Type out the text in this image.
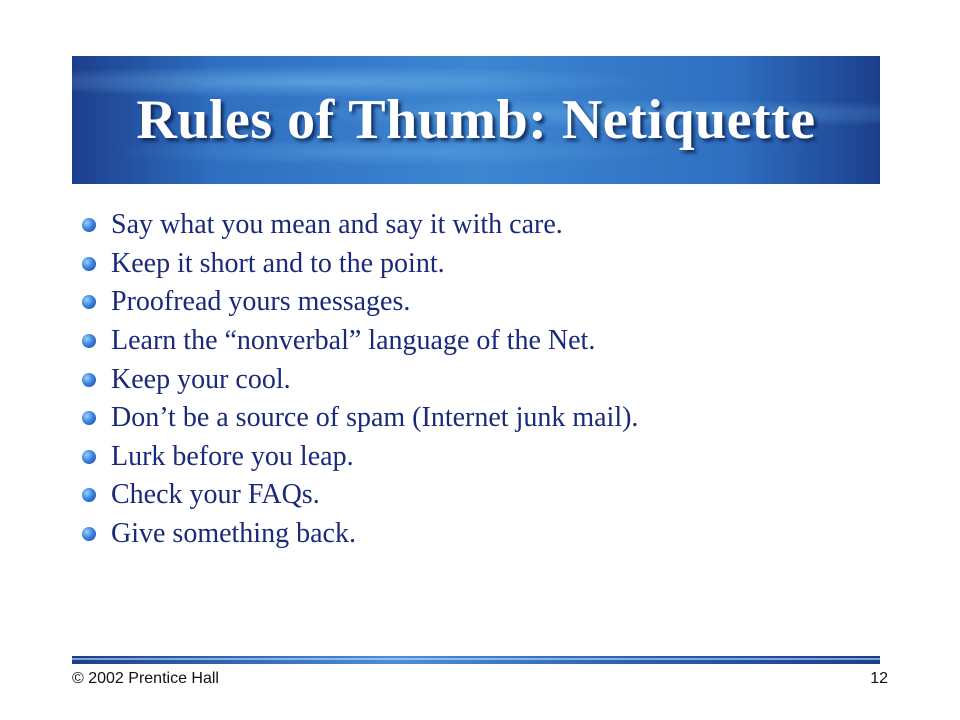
Rules of Thumb: Netiquette
Say what you mean and say it with care.
Keep it short and to the point.
Proofread yours messages.
Learn the “nonverbal” language of the Net.
Keep your cool.
Don’t be a source of spam (Internet junk mail).
Lurk before you leap.
Check your FAQs.
Give something back.
© 2002 Prentice Hall	12
